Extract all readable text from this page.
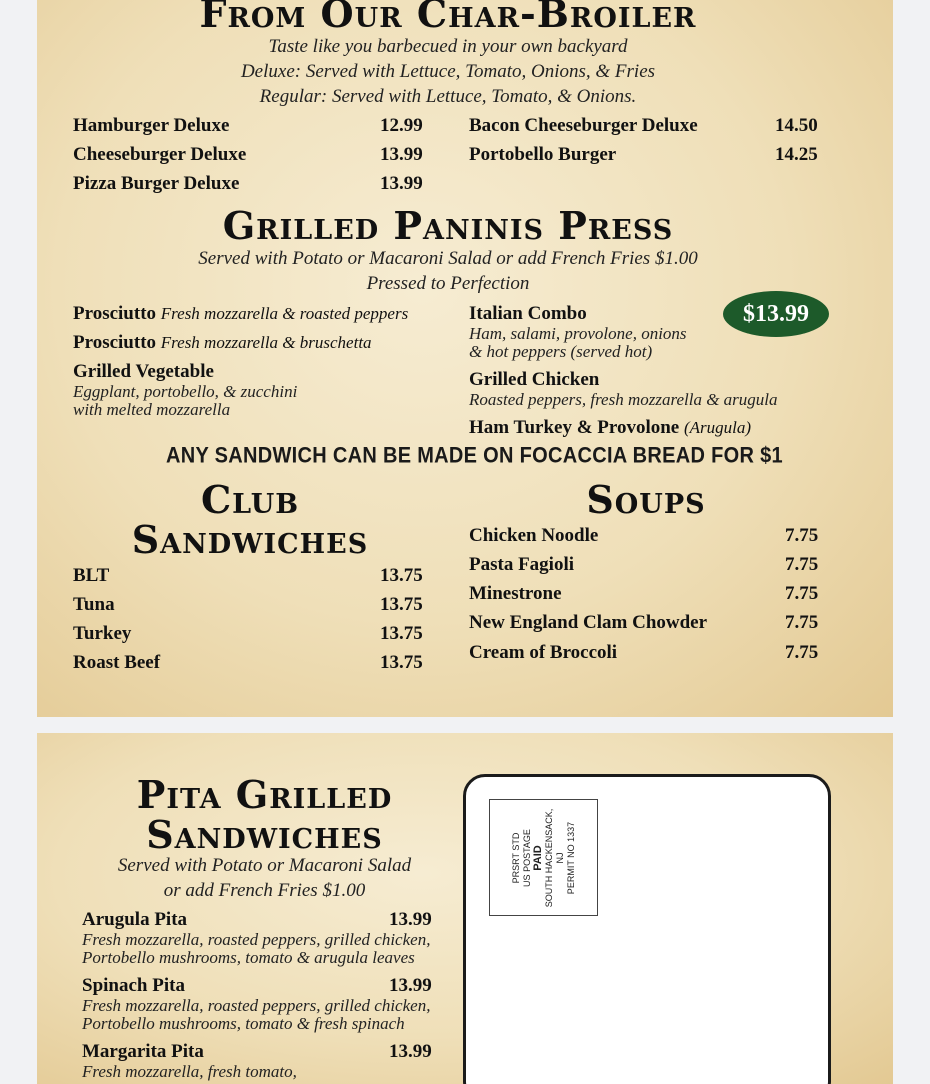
From Our Char-Broiler
Taste like you barbecued in your own backyard
Deluxe: Served with Lettuce, Tomato, Onions, & Fries
Regular: Served with Lettuce, Tomato, & Onions.
Hamburger Deluxe	12.99
Cheeseburger Deluxe	13.99
Pizza Burger Deluxe	13.99
Bacon Cheeseburger Deluxe	14.50
Portobello Burger	14.25
Grilled Paninis Press
Served with Potato or Macaroni Salad or add French Fries $1.00
Pressed to Perfection
Prosciutto Fresh mozzarella & roasted peppers
Prosciutto Fresh mozzarella & bruschetta
Grilled Vegetable
Eggplant, portobello, & zucchini
with melted mozzarella
Italian Combo
Ham, salami, provolone, onions
& hot peppers (served hot)
$13.99
Grilled Chicken
Roasted peppers, fresh mozzarella & arugula
Ham Turkey & Provolone (Arugula)
ANY SANDWICH CAN BE MADE ON FOCACCIA BREAD FOR $1
Club
Sandwiches
BLT	13.75
Tuna	13.75
Turkey	13.75
Roast Beef	13.75
Soups
Chicken Noodle	7.75
Pasta Fagioli	7.75
Minestrone	7.75
New England Clam Chowder	7.75
Cream of Broccoli	7.75
Pita Grilled
Sandwiches
Served with Potato or Macaroni Salad
or add French Fries $1.00
Arugula Pita	13.99
Fresh mozzarella, roasted peppers, grilled chicken,
Portobello mushrooms, tomato & arugula leaves
Spinach Pita	13.99
Fresh mozzarella, roasted peppers, grilled chicken,
Portobello mushrooms, tomato & fresh spinach
Margarita Pita	13.99
Fresh mozzarella, fresh tomato,
PRSRT STD US POSTAGE PAID SOUTH HACKENSACK, NJ PERMIT NO 1337
